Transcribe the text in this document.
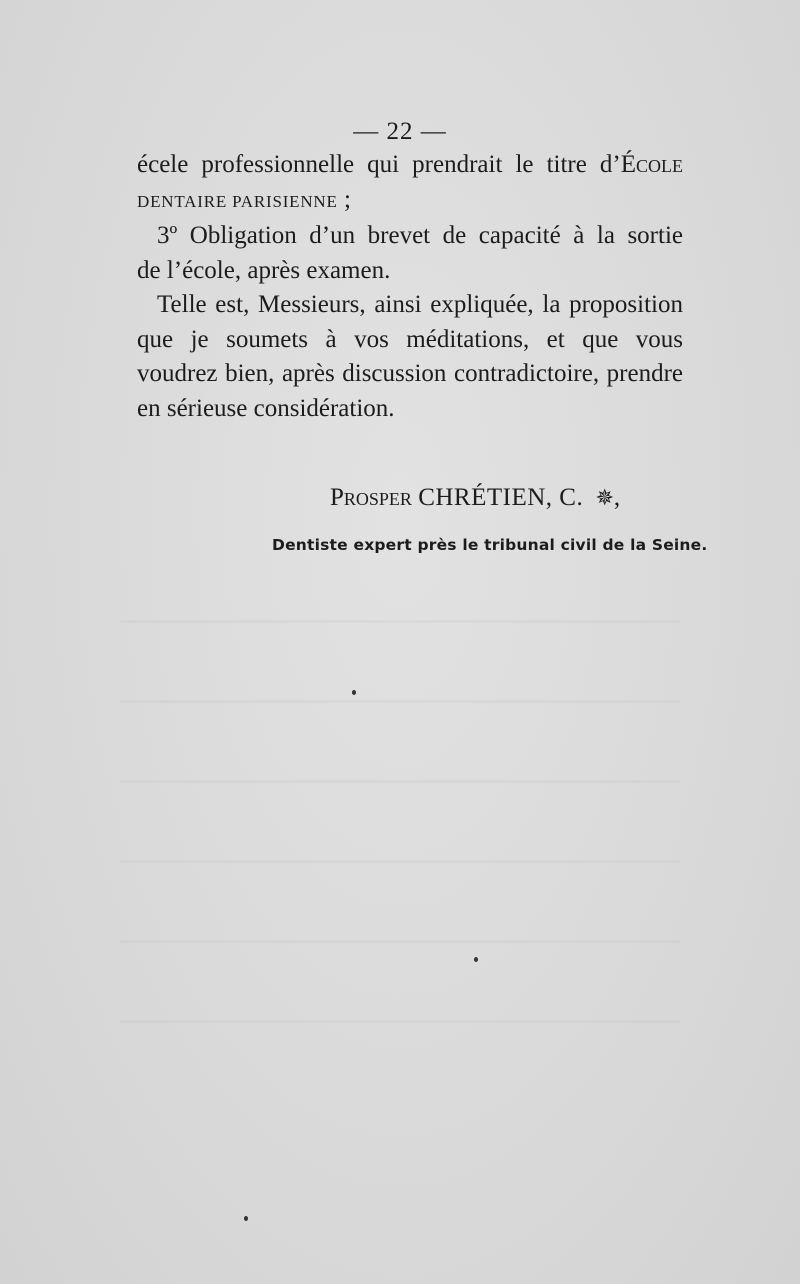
— 22 —
écele professionnelle qui prendrait le titre d’École
DENTAIRE PARISIENNE ;
3º Obligation d’un brevet de capacité à la sortie
de l’école, après examen.
Telle est, Messieurs, ainsi expliquée, la proposition
que je soumets à vos méditations, et que vous
voudrez bien, après discussion contradictoire, prendre
en sérieuse considération.
Prosper CHRÉTIEN, C. ✵,
Dentiste expert près le tribunal civil de la Seine.
